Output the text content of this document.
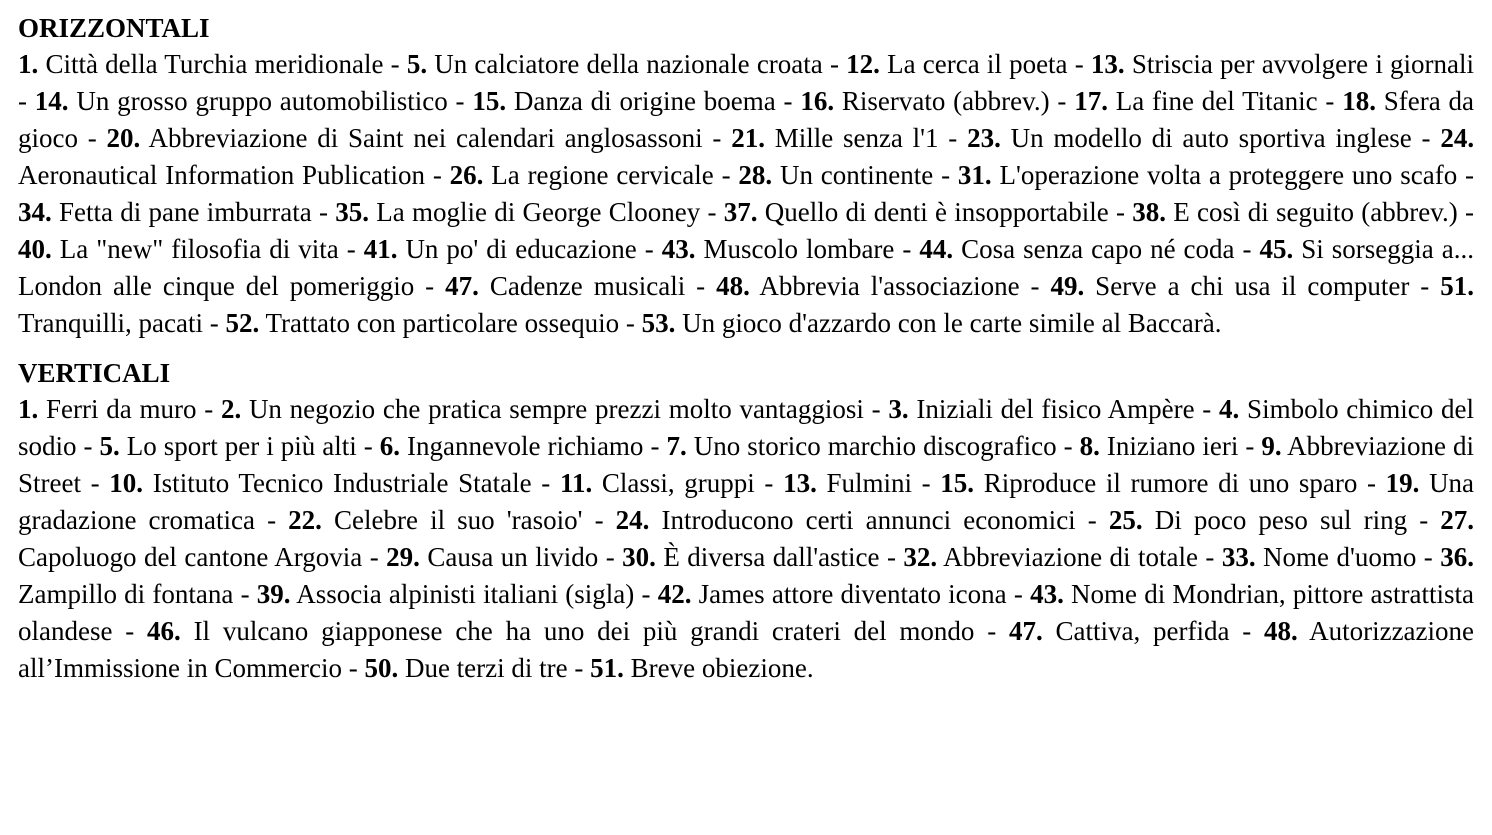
ORIZZONTALI

1. Città della Turchia meridionale - 5. Un calciatore della nazionale croata - 12. La cerca il poeta - 13. Striscia per avvolgere i giornali - 14. Un grosso gruppo automobilistico - 15. Danza di origine boema - 16. Riservato (abbrev.) - 17. La fine del Titanic - 18. Sfera da gioco - 20. Abbreviazione di Saint nei calendari anglosassoni - 21. Mille senza l'1 - 23. Un modello di auto sportiva inglese - 24. Aeronautical Information Publication - 26. La regione cervicale - 28. Un continente - 31. L'operazione volta a proteggere uno scafo - 34. Fetta di pane imburrata - 35. La moglie di George Clooney - 37. Quello di denti è insopportabile - 38. E così di seguito (abbrev.) - 40. La "new" filosofia di vita - 41. Un po' di educazione - 43. Muscolo lombare - 44. Cosa senza capo né coda - 45. Si sorseggia a... London alle cinque del pomeriggio - 47. Cadenze musicali - 48. Abbrevia l'associazione - 49. Serve a chi usa il computer - 51. Tranquilli, pacati - 52. Trattato con particolare ossequio - 53. Un gioco d'azzardo con le carte simile al Baccarà.

VERTICALI

1. Ferri da muro - 2. Un negozio che pratica sempre prezzi molto vantaggiosi - 3. Iniziali del fisico Ampère - 4. Simbolo chimico del sodio - 5. Lo sport per i più alti - 6. Ingannevole richiamo - 7. Uno storico marchio discografico - 8. Iniziano ieri - 9. Abbreviazione di Street - 10. Istituto Tecnico Industriale Statale - 11. Classi, gruppi - 13. Fulmini - 15. Riproduce il rumore di uno sparo - 19. Una gradazione cromatica - 22. Celebre il suo 'rasoio' - 24. Introducono certi annunci economici - 25. Di poco peso sul ring - 27. Capoluogo del cantone Argovia - 29. Causa un livido - 30. È diversa dall'astice - 32. Abbreviazione di totale - 33. Nome d'uomo - 36. Zampillo di fontana - 39. Associa alpinisti italiani (sigla) - 42. James attore diventato icona - 43. Nome di Mondrian, pittore astrattista olandese - 46. Il vulcano giapponese che ha uno dei più grandi crateri del mondo - 47. Cattiva, perfida - 48. Autorizzazione all’Immissione in Commercio - 50. Due terzi di tre - 51. Breve obiezione.
